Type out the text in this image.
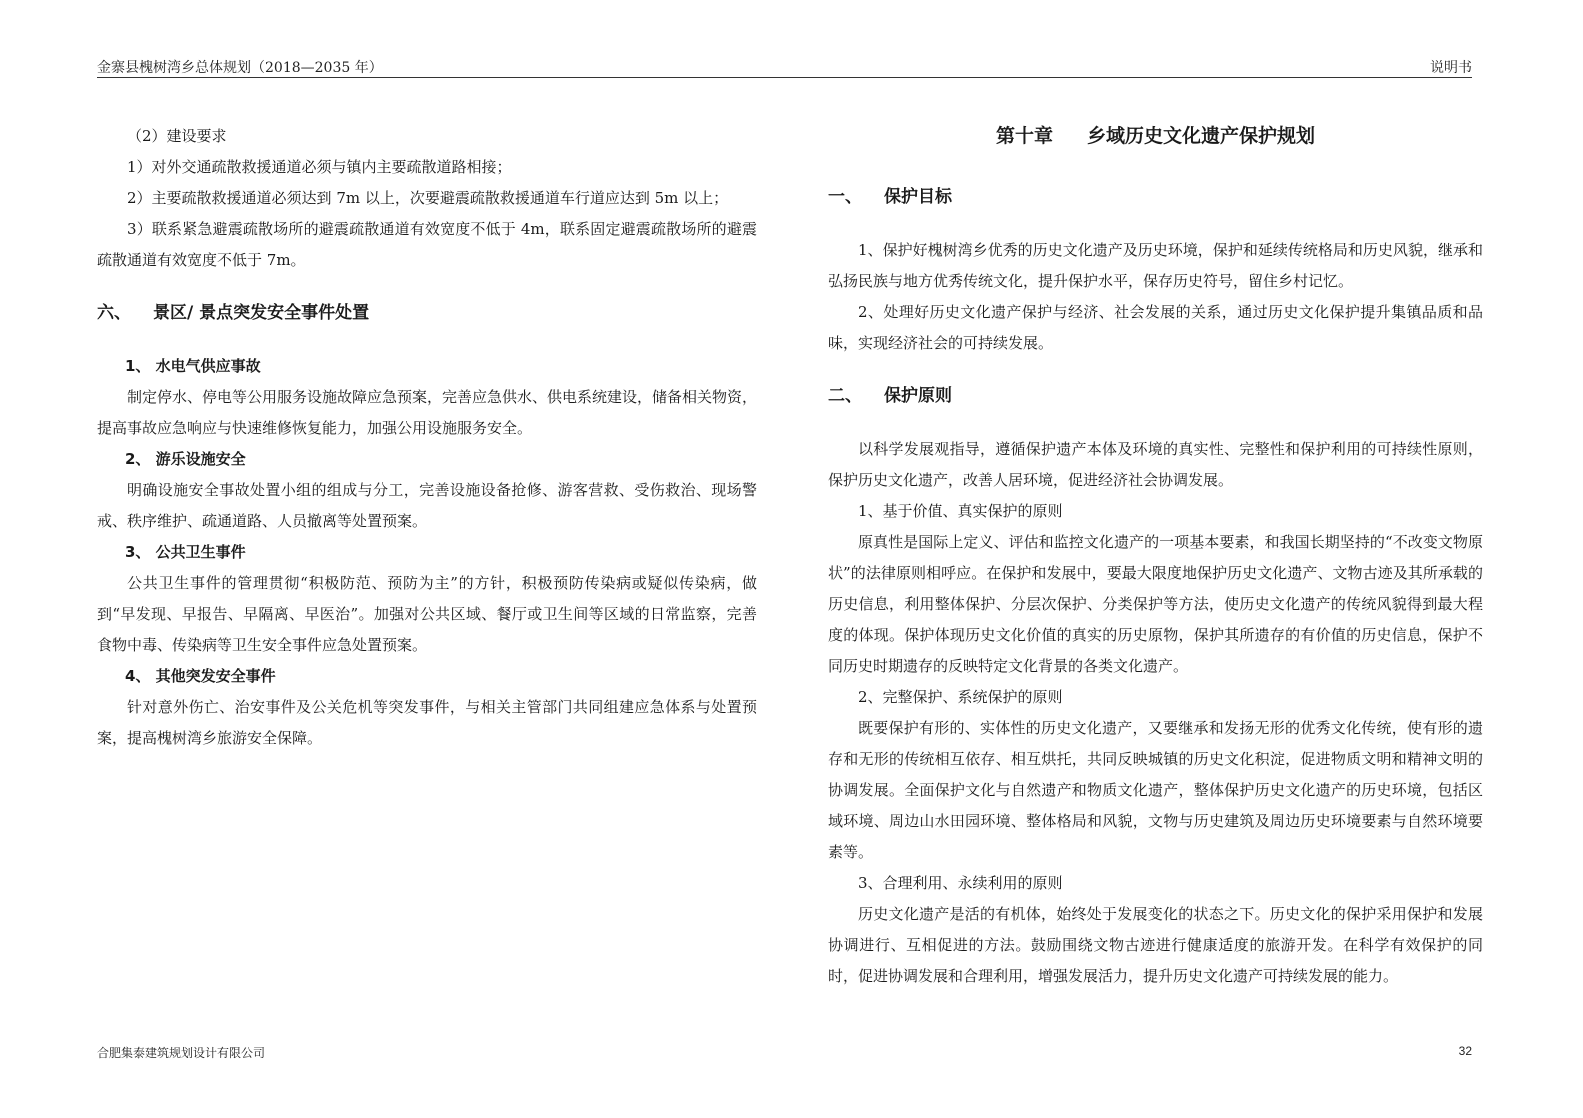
金寨县槐树湾乡总体规划（2018—2035 年）	说明书

（2）建设要求

1）对外交通疏散救援通道必须与镇内主要疏散道路相接；

2）主要疏散救援通道必须达到 7m 以上，次要避震疏散救援通道车行道应达到 5m 以上；

3）联系紧急避震疏散场所的避震疏散通道有效宽度不低于 4m，联系固定避震疏散场所的避震疏散通道有效宽度不低于 7m。

六、 景区/ 景点突发安全事件处置
1、 水电气供应事故

制定停水、停电等公用服务设施故障应急预案，完善应急供水、供电系统建设，储备相关物资，提高事故应急响应与快速维修恢复能力，加强公用设施服务安全。

2、 游乐设施安全

明确设施安全事故处置小组的组成与分工，完善设施设备抢修、游客营救、受伤救治、现场警戒、秩序维护、疏通道路、人员撤离等处置预案。

3、 公共卫生事件

公共卫生事件的管理贯彻“积极防范、预防为主”的方针，积极预防传染病或疑似传染病，做到“早发现、早报告、早隔离、早医治”。加强对公共区域、餐厅或卫生间等区域的日常监察，完善食物中毒、传染病等卫生安全事件应急处置预案。

4、 其他突发安全事件

针对意外伤亡、治安事件及公关危机等突发事件，与相关主管部门共同组建应急体系与处置预案，提高槐树湾乡旅游安全保障。

第十章 乡域历史文化遗产保护规划
一、 保护目标

1、保护好槐树湾乡优秀的历史文化遗产及历史环境，保护和延续传统格局和历史风貌，继承和弘扬民族与地方优秀传统文化，提升保护水平，保存历史符号，留住乡村记忆。

2、处理好历史文化遗产保护与经济、社会发展的关系，通过历史文化保护提升集镇品质和品味，实现经济社会的可持续发展。

二、 保护原则

以科学发展观指导，遵循保护遗产本体及环境的真实性、完整性和保护利用的可持续性原则，保护历史文化遗产，改善人居环境，促进经济社会协调发展。

1、基于价值、真实保护的原则

原真性是国际上定义、评估和监控文化遗产的一项基本要素，和我国长期坚持的“不改变文物原状”的法律原则相呼应。在保护和发展中，要最大限度地保护历史文化遗产、文物古迹及其所承载的历史信息，利用整体保护、分层次保护、分类保护等方法，使历史文化遗产的传统风貌得到最大程度的体现。保护体现历史文化价值的真实的历史原物，保护其所遗存的有价值的历史信息，保护不同历史时期遗存的反映特定文化背景的各类文化遗产。

2、完整保护、系统保护的原则

既要保护有形的、实体性的历史文化遗产，又要继承和发扬无形的优秀文化传统，使有形的遗存和无形的传统相互依存、相互烘托，共同反映城镇的历史文化积淀，促进物质文明和精神文明的协调发展。全面保护文化与自然遗产和物质文化遗产，整体保护历史文化遗产的历史环境，包括区域环境、周边山水田园环境、整体格局和风貌，文物与历史建筑及周边历史环境要素与自然环境要素等。

3、合理利用、永续利用的原则

历史文化遗产是活的有机体，始终处于发展变化的状态之下。历史文化的保护采用保护和发展协调进行、互相促进的方法。鼓励围绕文物古迹进行健康适度的旅游开发。在科学有效保护的同时，促进协调发展和合理利用，增强发展活力，提升历史文化遗产可持续发展的能力。

合肥集泰建筑规划设计有限公司	32
